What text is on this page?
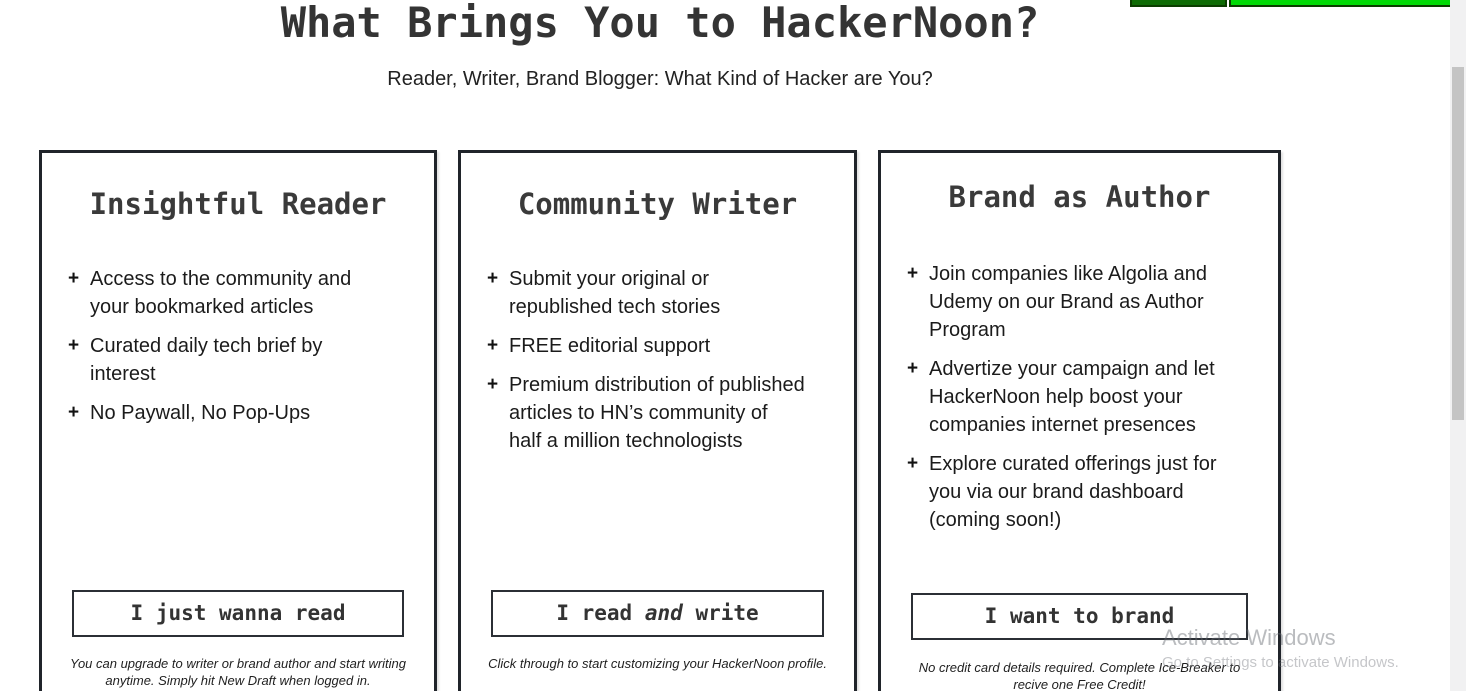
What Brings You to HackerNoon?
Reader, Writer, Brand Blogger: What Kind of Hacker are You?
Insightful Reader
+ Access to the community and your bookmarked articles
+ Curated daily tech brief by interest
+ No Paywall, No Pop-Ups
I just wanna read
You can upgrade to writer or brand author and start writing anytime. Simply hit New Draft when logged in.
Community Writer
+ Submit your original or republished tech stories
+ FREE editorial support
+ Premium distribution of published articles to HN’s community of half a million technologists
I read and write
Click through to start customizing your HackerNoon profile.
Brand as Author
+ Join companies like Algolia and Udemy on our Brand as Author Program
+ Advertize your campaign and let HackerNoon help boost your companies internet presences
+ Explore curated offerings just for you via our brand dashboard (coming soon!)
I want to brand
No credit card details required. Complete Ice-Breaker to recive one Free Credit!
Activate Windows
Go to Settings to activate Windows.
